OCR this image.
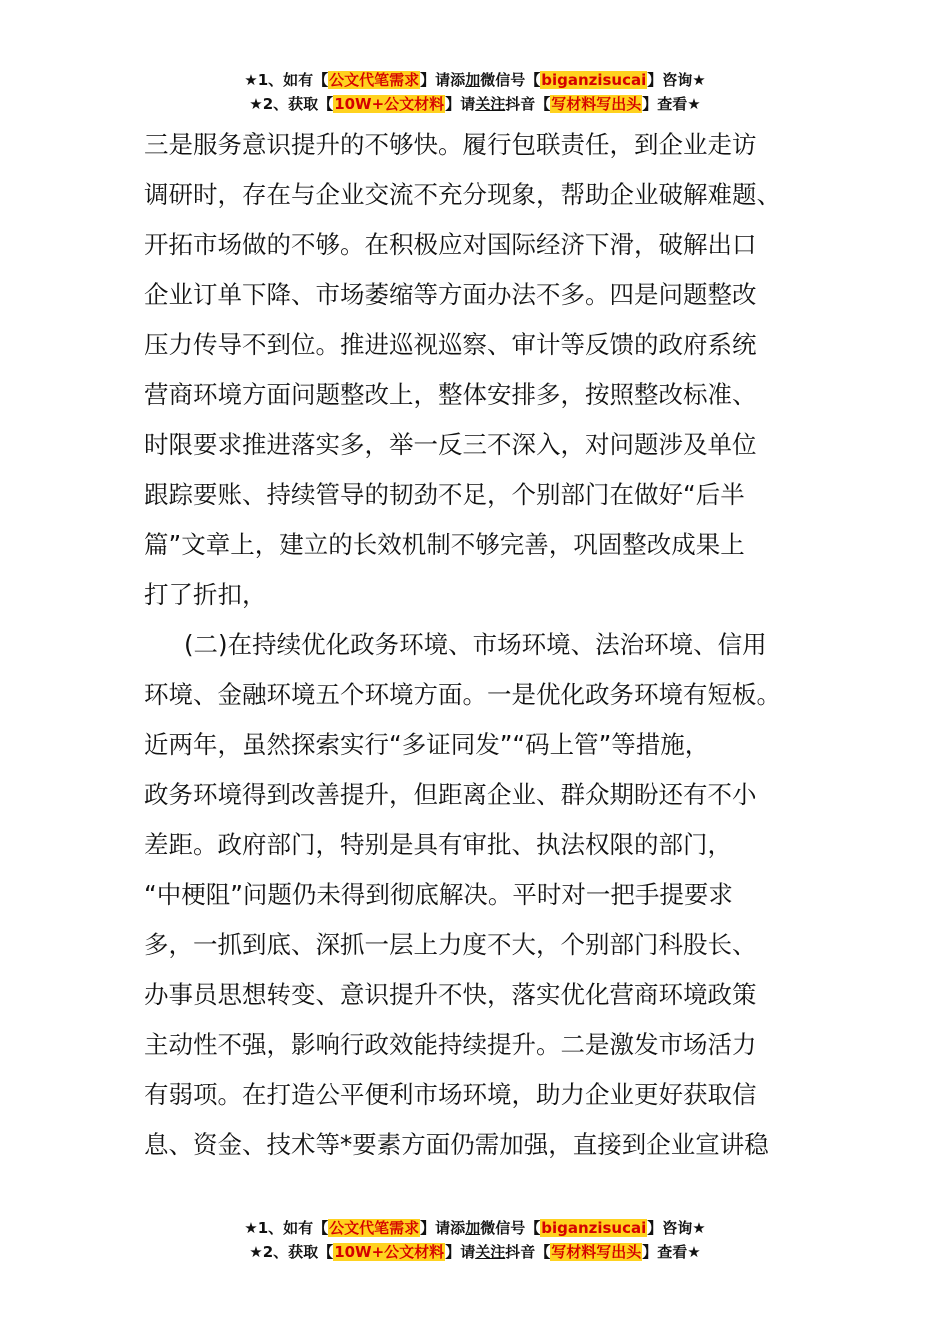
★1、如有【公文代笔需求】请添加微信号【biganzisucai】咨询★
★2、获取【10W+公文材料】请关注抖音【写材料写出头】查看★
三是服务意识提升的不够快。履行包联责任，到企业走访
调研时，存在与企业交流不充分现象，帮助企业破解难题、
开拓市场做的不够。在积极应对国际经济下滑，破解出口
企业订单下降、市场萎缩等方面办法不多。四是问题整改
压力传导不到位。推进巡视巡察、审计等反馈的政府系统
营商环境方面问题整改上，整体安排多，按照整改标准、
时限要求推进落实多，举一反三不深入，对问题涉及单位
跟踪要账、持续管导的韧劲不足，个别部门在做好“后半
篇”文章上，建立的长效机制不够完善，巩固整改成果上
打了折扣，
(二)在持续优化政务环境、市场环境、法治环境、信用
环境、金融环境五个环境方面。一是优化政务环境有短板。
近两年，虽然探索实行“多证同发”“码上管”等措施，
政务环境得到改善提升，但距离企业、群众期盼还有不小
差距。政府部门，特别是具有审批、执法权限的部门，
“中梗阻”问题仍未得到彻底解决。平时对一把手提要求
多，一抓到底、深抓一层上力度不大，个别部门科股长、
办事员思想转变、意识提升不快，落实优化营商环境政策
主动性不强，影响行政效能持续提升。二是激发市场活力
有弱项。在打造公平便利市场环境，助力企业更好获取信
息、资金、技术等*要素方面仍需加强，直接到企业宣讲稳
★1、如有【公文代笔需求】请添加微信号【biganzisucai】咨询★
★2、获取【10W+公文材料】请关注抖音【写材料写出头】查看★
